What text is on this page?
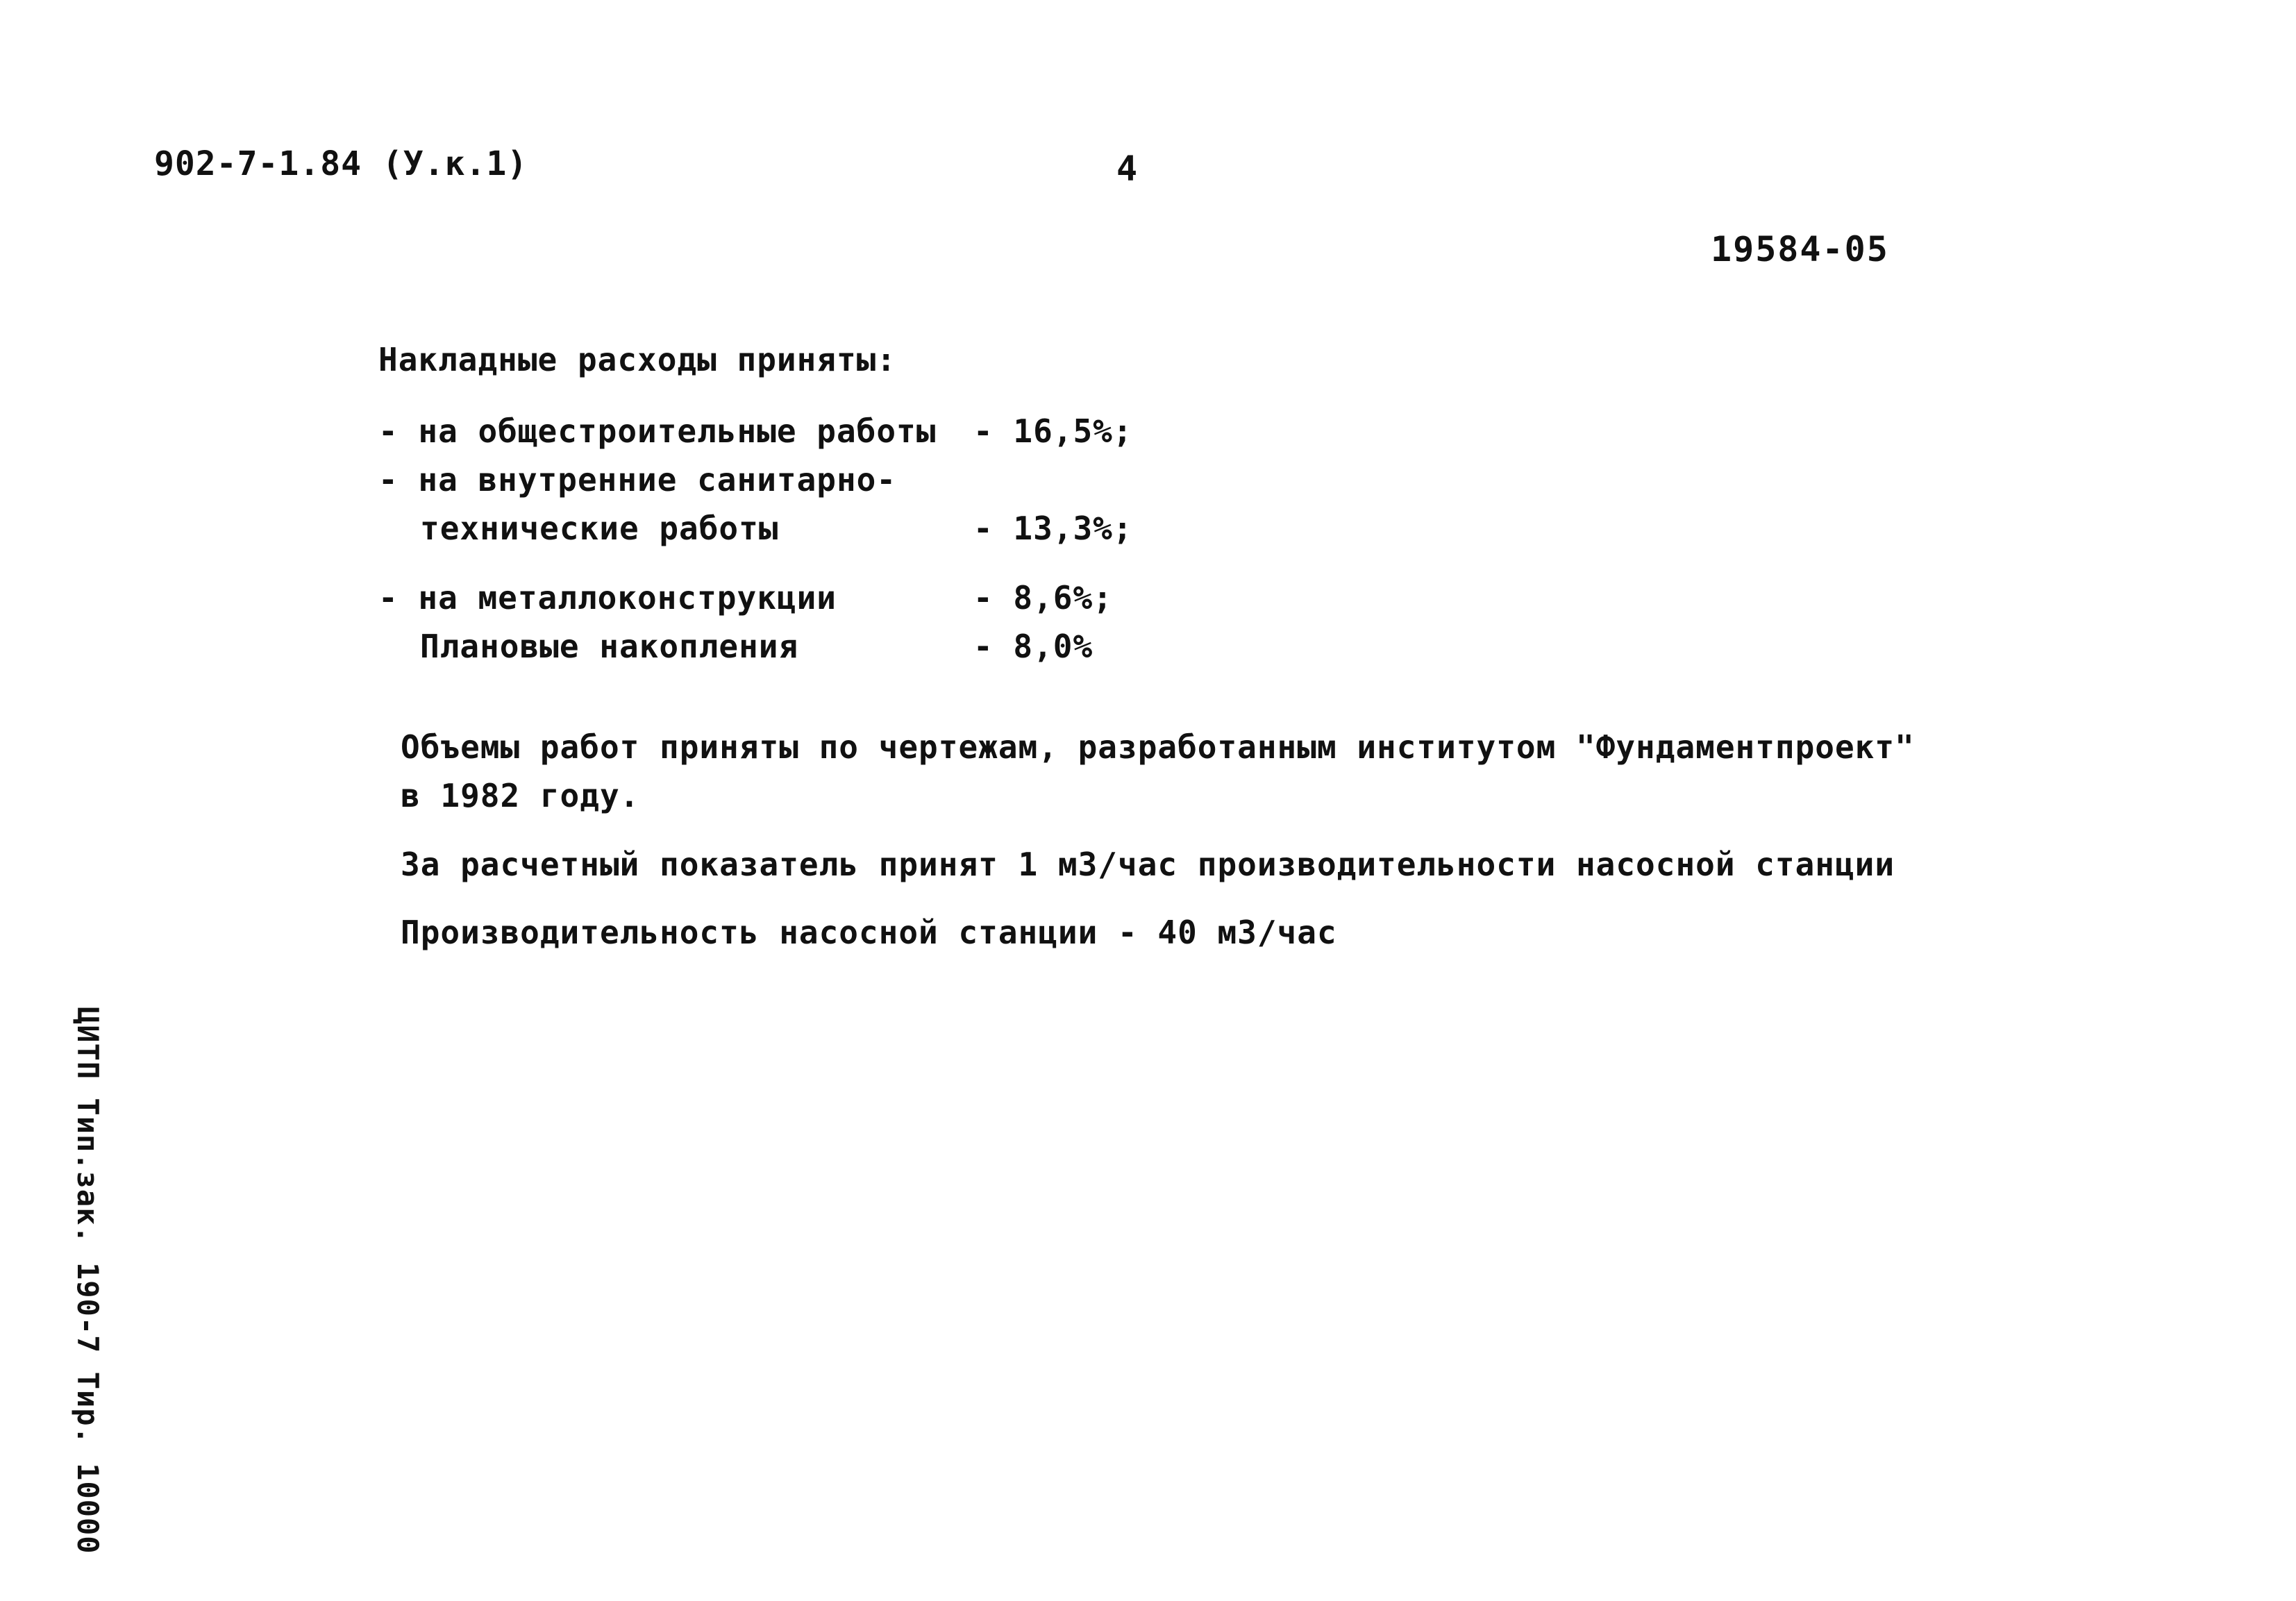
902-7-1.84 (У.к.1)	4
19584-05
Накладные расходы приняты:
- на общестроительные работы - 16,5%;
- на внутренние санитарно-
техничеcкие работы	- 13,3%;
- на металлоконструкции	- 8,6%;
Плановые накопления	- 8,0%
Объемы работ приняты по чертежам, разработанным институтом "Фундаментпроект"
в 1982 году.
За расчетный показатель принят 1 м3/час производительности насосной станции
Производительность насосной станции - 40 м3/час
ЦИТП Тип.зак. 190-7 Тир. 10000
